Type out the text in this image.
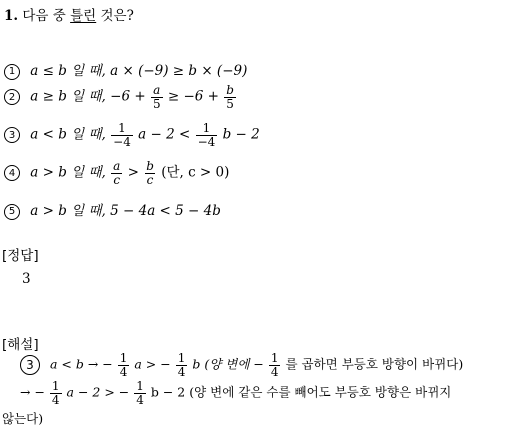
1. 다음 중 틀린 것은?
1 a ≤ b 일 때, a × (−9) ≥ b × (−9)
2 a ≥ b 일 때, $-6 + \frac{a}{5} \ge -6 + \frac{b}{5}$
3 a < b 일 때, $\frac{1}{-4}$ $a - 2 < \frac{1}{-4}$ b − 2
4 a > b 일 때, $\frac{a}{c} > \frac{b}{c}$ (단, c > 0)
5 a > b 일 때, 5 − 4a < 5 − 4b
[정답]
3
[해설]
3 a < b → − $\frac{1}{4}$ a > − $\frac{1}{4}$ b (양 변에 − $\frac{1}{4}$ 를 곱하면 부등호 방향이 바뀌다)
→ − $\frac{1}{4}$ a − 2 > − $\frac{1}{4}$ b − 2 (양 변에 같은 수를 빼어도 부등호 방향은 바뀌지
않는다)
